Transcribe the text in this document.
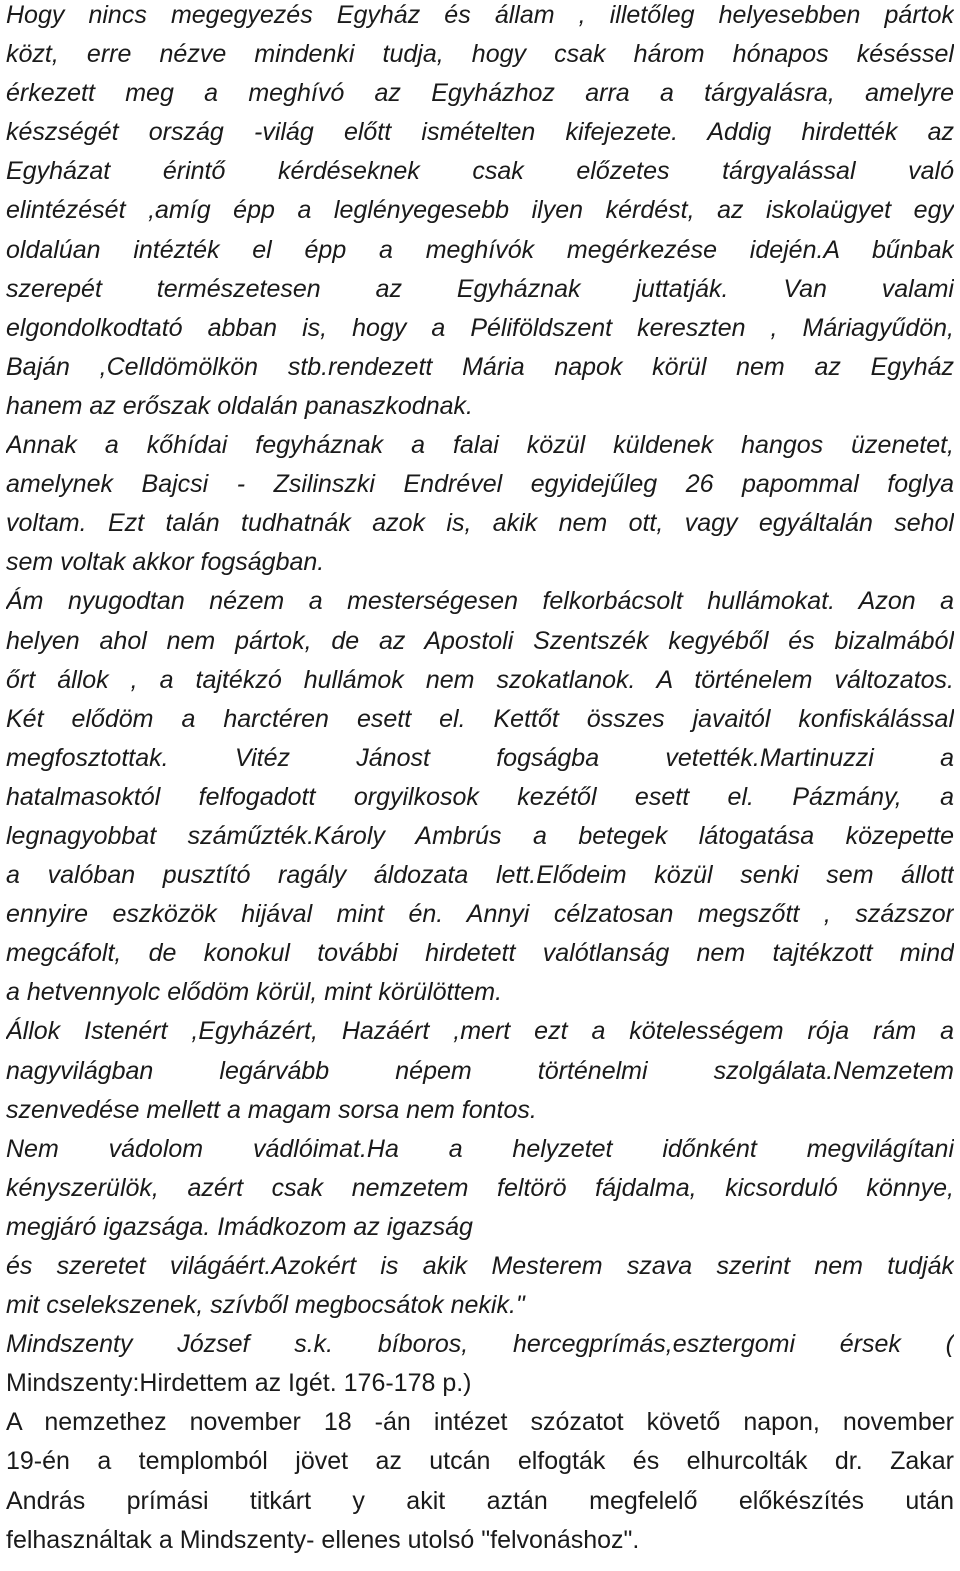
Hogy nincs megegyezés Egyház és állam , illetőleg helyesebben pártok
közt, erre nézve mindenki tudja, hogy csak három hónapos késéssel
érkezett meg a meghívó az Egyházhoz arra a tárgyalásra, amelyre
készségét ország -világ előtt ismételten kifejezete. Addig hirdették az
Egyházat érintő kérdéseknek csak előzetes tárgyalással való
elintézését ,amíg épp a leglényegesebb ilyen kérdést, az iskolaügyet egy
oldalúan intézték el épp a meghívók megérkezése idején.A bűnbak
szerepét természetesen az Egyháznak juttatják. Van valami
elgondolkodtató abban is, hogy a Péliföldszent kereszten , Máriagyűdön,
Baján ,Celldömölkön stb.rendezett Mária napok körül nem az Egyház
hanem az erőszak oldalán panaszkodnak.
Annak a kőhídai fegyháznak a falai közül küldenek hangos üzenetet,
amelynek Bajcsi - Zsilinszki Endrével egyidejűleg 26 papommal foglya
voltam. Ezt talán tudhatnák azok is, akik nem ott, vagy egyáltalán sehol
sem voltak akkor fogságban.
Ám nyugodtan nézem a mesterségesen felkorbácsolt hullámokat. Azon a
helyen ahol nem pártok, de az Apostoli Szentszék kegyéből és bizalmából
őrt állok , a tajtékzó hullámok nem szokatlanok. A történelem változatos.
Két elődöm a harctéren esett el. Kettőt összes javaitól konfiskálással
megfosztottak. Vitéz Jánost fogságba vetették.Martinuzzi a
hatalmasoktól felfogadott orgyilkosok kezétől esett el. Pázmány, a
legnagyobbat száműzték.Károly Ambrús a betegek látogatása közepette
a valóban pusztító ragály áldozata lett.Elődeim közül senki sem állott
ennyire eszközök hijával mint én. Annyi célzatosan megszőtt , százszor
megcáfolt, de konokul további hirdetett valótlanság nem tajtékzott mind
a hetvennyolc elődöm körül, mint körülöttem.
Állok Istenért ,Egyházért, Hazáért ,mert ezt a kötelességem rója rám a
nagyvilágban legárvább népem történelmi szolgálata.Nemzetem
szenvedése mellett a magam sorsa nem fontos.
Nem vádolom vádlóimat.Ha a helyzetet időnként megvilágítani
kényszerülök, azért csak nemzetem feltörö fájdalma, kicsorduló könnye,
megjáró igazsága. Imádkozom az igazság
és szeretet világáért.Azokért is akik Mesterem szava szerint nem tudják
mit cselekszenek, szívből megbocsátok nekik."
Mindszenty József s.k. bíboros, hercegprímás,esztergomi érsek (
Mindszenty:Hirdettem az Igét. 176-178 p.)
A nemzethez november 18 -án intézet szózatot követő napon, november
19-én a templomból jövet az utcán elfogták és elhurcolták dr. Zakar
András prímási titkárt y akit aztán megfelelő előkészítés után
felhasználtak a Mindszenty- ellenes utolsó "felvonáshoz".
